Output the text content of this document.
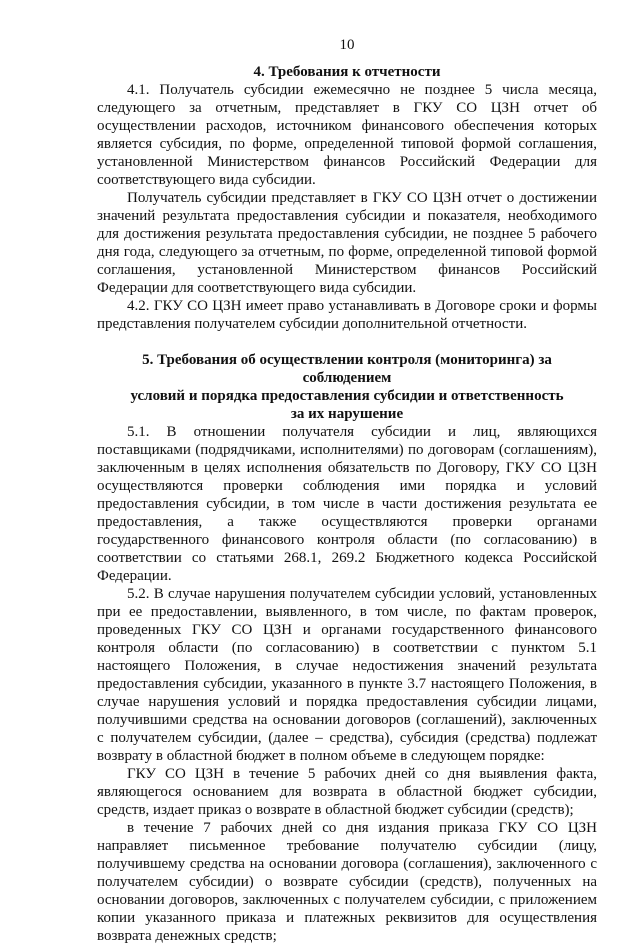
10

4. Требования к отчетности

4.1. Получатель субсидии ежемесячно не позднее 5 числа месяца, следующего за отчетным, представляет в ГКУ СО ЦЗН отчет об осуществлении расходов, источником финансового обеспечения которых является субсидия, по форме, определенной типовой формой соглашения, установленной Министерством финансов Российский Федерации для соответствующего вида субсидии.

Получатель субсидии представляет в ГКУ СО ЦЗН отчет о достижении значений результата предоставления субсидии и показателя, необходимого для достижения результата предоставления субсидии, не позднее 5 рабочего дня года, следующего за отчетным, по форме, определенной типовой формой соглашения, установленной Министерством финансов Российский Федерации для соответствующего вида субсидии.

4.2. ГКУ СО ЦЗН имеет право устанавливать в Договоре сроки и формы представления получателем субсидии дополнительной отчетности.

5. Требования об осуществлении контроля (мониторинга) за соблюдением

условий и порядка предоставления субсидии и ответственность

за их нарушение

5.1. В отношении получателя субсидии и лиц, являющихся поставщиками (подрядчиками, исполнителями) по договорам (соглашениям), заключенным в целях исполнения обязательств по Договору, ГКУ СО ЦЗН осуществляются проверки соблюдения ими порядка и условий предоставления субсидии, в том числе в части достижения результата ее предоставления, а также осуществляются проверки органами государственного финансового контроля области (по согласованию) в соответствии со статьями 268.1, 269.2 Бюджетного кодекса Российской Федерации.

5.2. В случае нарушения получателем субсидии условий, установленных при ее предоставлении, выявленного, в том числе, по фактам проверок, проведенных ГКУ СО ЦЗН и органами государственного финансового контроля области (по согласованию) в соответствии с пунктом 5.1 настоящего Положения, в случае недостижения значений результата предоставления субсидии, указанного в пункте 3.7 настоящего Положения, в случае нарушения условий и порядка предоставления субсидии лицами, получившими средства на основании договоров (соглашений), заключенных с получателем субсидии, (далее – средства), субсидия (средства) подлежат возврату в областной бюджет в полном объеме в следующем порядке:

ГКУ СО ЦЗН в течение 5 рабочих дней со дня выявления факта, являющегося основанием для возврата в областной бюджет субсидии, средств, издает приказ о возврате в областной бюджет субсидии (средств);

в течение 7 рабочих дней со дня издания приказа ГКУ СО ЦЗН направляет письменное требование получателю субсидии (лицу, получившему средства на основании договора (соглашения), заключенного с получателем субсидии) о возврате субсидии (средств), полученных на основании договоров, заключенных с получателем субсидии, с приложением копии указанного приказа и платежных реквизитов для осуществления возврата денежных средств;
